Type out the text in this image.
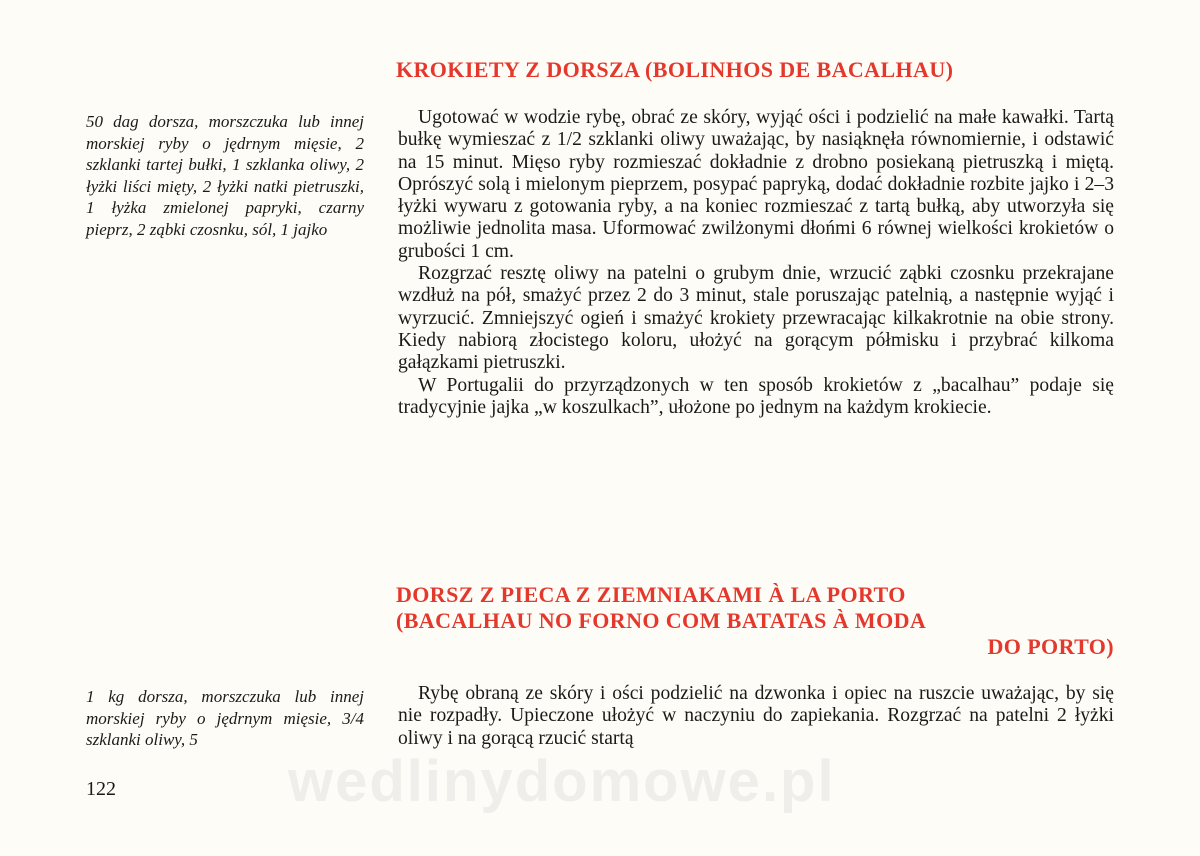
KROKIETY Z DORSZA (BOLINHOS DE BACALHAU)

50 dag dorsza, morszczuka lub innej morskiej ryby o jędrnym mięsie, 2 szklanki tartej bułki, 1 szklanka oliwy, 2 łyżki liści mięty, 2 łyżki natki pietruszki, 1 łyżka zmielonej papryki, czarny pieprz, 2 ząbki czosnku, sól, 1 jajko

Ugotować w wodzie rybę, obrać ze skóry, wyjąć ości i podzielić na małe kawałki. Tartą bułkę wymieszać z 1/2 szklanki oliwy uważając, by nasiąknęła równomiernie, i odstawić na 15 minut. Mięso ryby rozmieszać dokładnie z drobno posiekaną pietruszką i miętą. Oprószyć solą i mielonym pieprzem, posypać papryką, dodać dokładnie rozbite jajko i 2–3 łyżki wywaru z gotowania ryby, a na koniec rozmieszać z tartą bułką, aby utworzyła się możliwie jednolita masa. Uformować zwilżonymi dłońmi 6 równej wielkości krokietów o grubości 1 cm.

Rozgrzać resztę oliwy na patelni o grubym dnie, wrzucić ząbki czosnku przekrajane wzdłuż na pół, smażyć przez 2 do 3 minut, stale poruszając patelnią, a następnie wyjąć i wyrzucić. Zmniejszyć ogień i smażyć krokiety przewracając kilkakrotnie na obie strony. Kiedy nabiorą złocistego koloru, ułożyć na gorącym półmisku i przybrać kilkoma gałązkami pietruszki.

W Portugalii do przyrządzonych w ten sposób krokietów z „bacalhau” podaje się tradycyjnie jajka „w koszulkach”, ułożone po jednym na każdym krokiecie.

DORSZ Z PIECA Z ZIEMNIAKAMI À LA PORTO
(BACALHAU NO FORNO COM BATATAS À MODA
DO PORTO)

1 kg dorsza, morszczuka lub innej morskiej ryby o jędrnym mięsie, 3/4 szklanki oliwy, 5

Rybę obraną ze skóry i ości podzielić na dzwonka i opiec na ruszcie uważając, by się nie rozpadły. Upieczone ułożyć w naczyniu do zapiekania. Rozgrzać na patelni 2 łyżki oliwy i na gorącą rzucić startą

122	wedlinydomowe.pl
